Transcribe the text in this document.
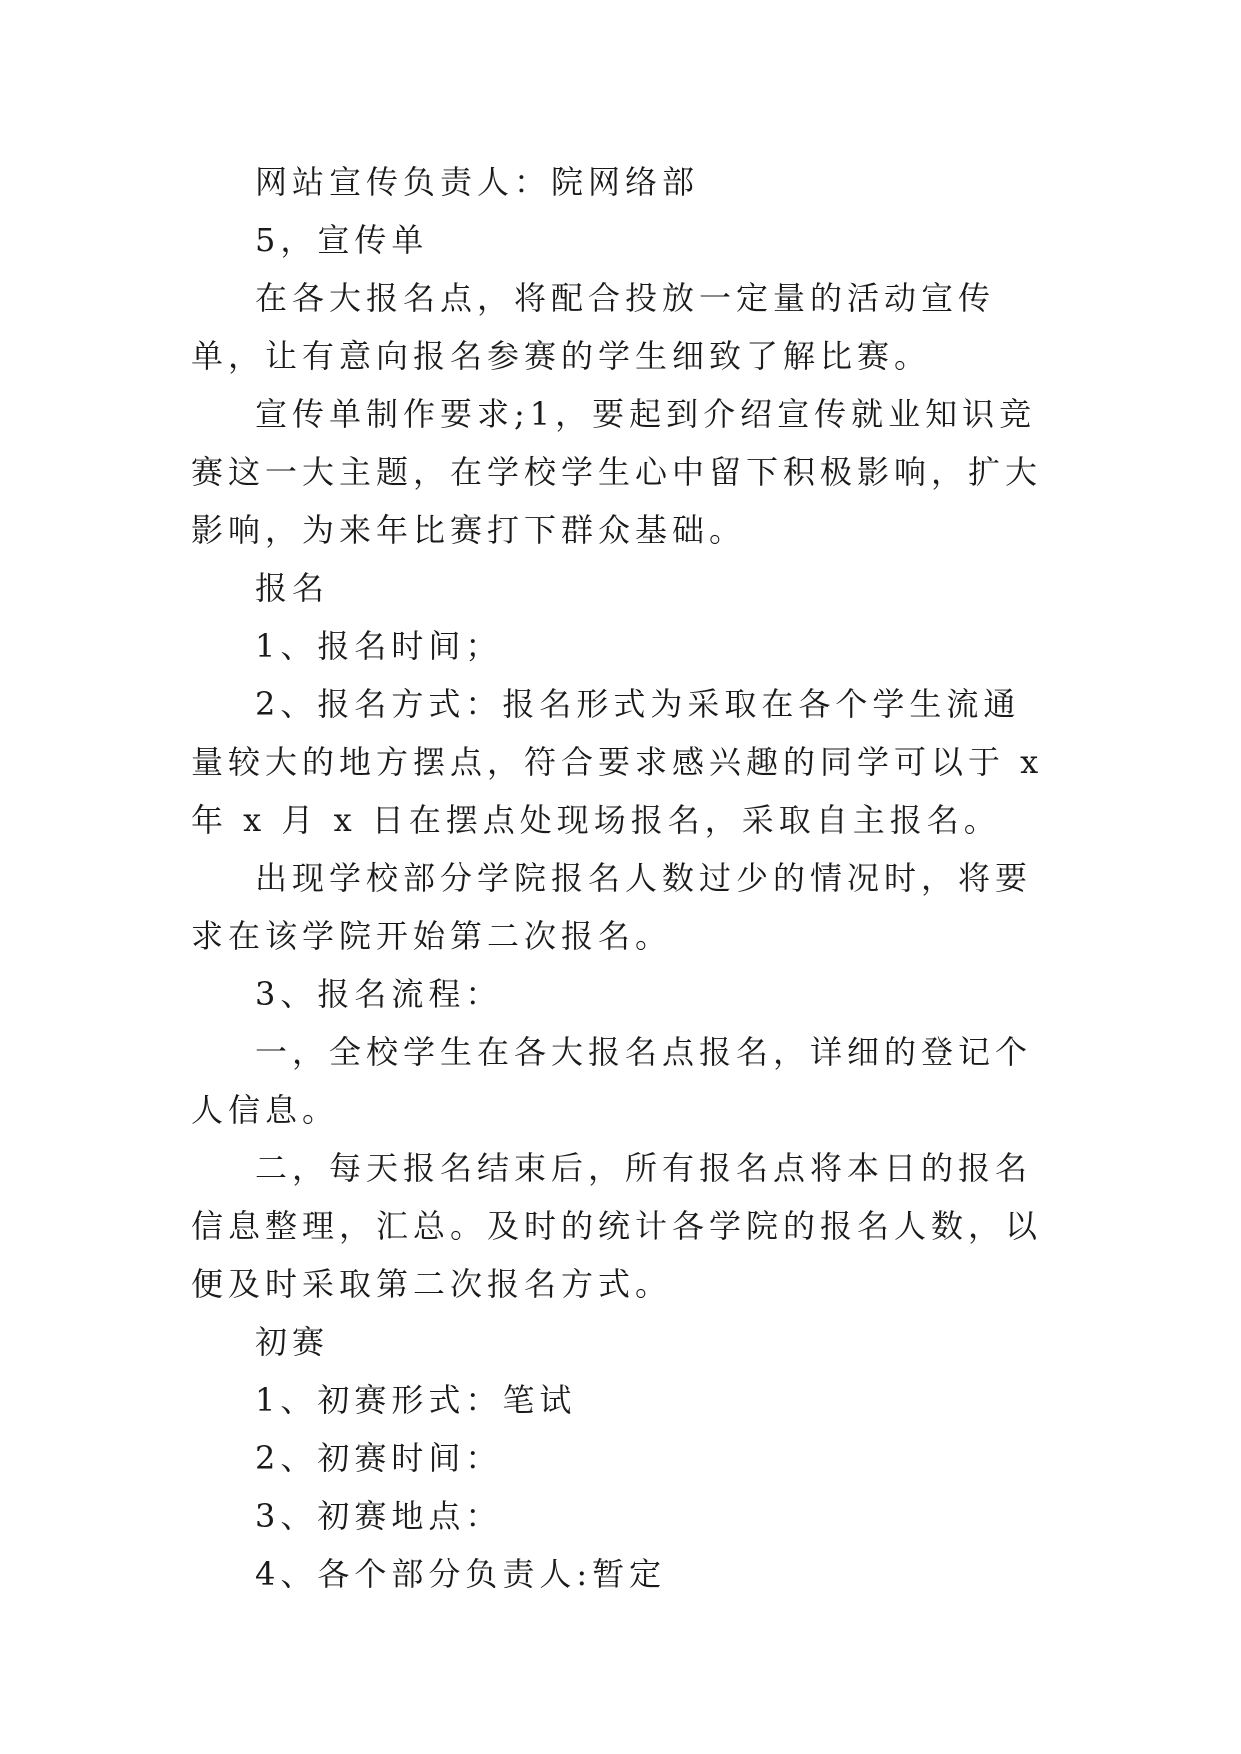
网站宣传负责人：院网络部

5，宣传单

在各大报名点，将配合投放一定量的活动宣传单，让有意向报名参赛的学生细致了解比赛。

宣传单制作要求;1，要起到介绍宣传就业知识竞赛这一大主题，在学校学生心中留下积极影响，扩大影响，为来年比赛打下群众基础。

报名

1、报名时间；

2、报名方式：报名形式为采取在各个学生流通量较大的地方摆点，符合要求感兴趣的同学可以于 x 年 x 月 x 日在摆点处现场报名，采取自主报名。

出现学校部分学院报名人数过少的情况时，将要求在该学院开始第二次报名。

3、报名流程：

一，全校学生在各大报名点报名，详细的登记个人信息。

二，每天报名结束后，所有报名点将本日的报名信息整理，汇总。及时的统计各学院的报名人数，以便及时采取第二次报名方式。

初赛

1、初赛形式：笔试

2、初赛时间：

3、初赛地点：

4、各个部分负责人:暂定
